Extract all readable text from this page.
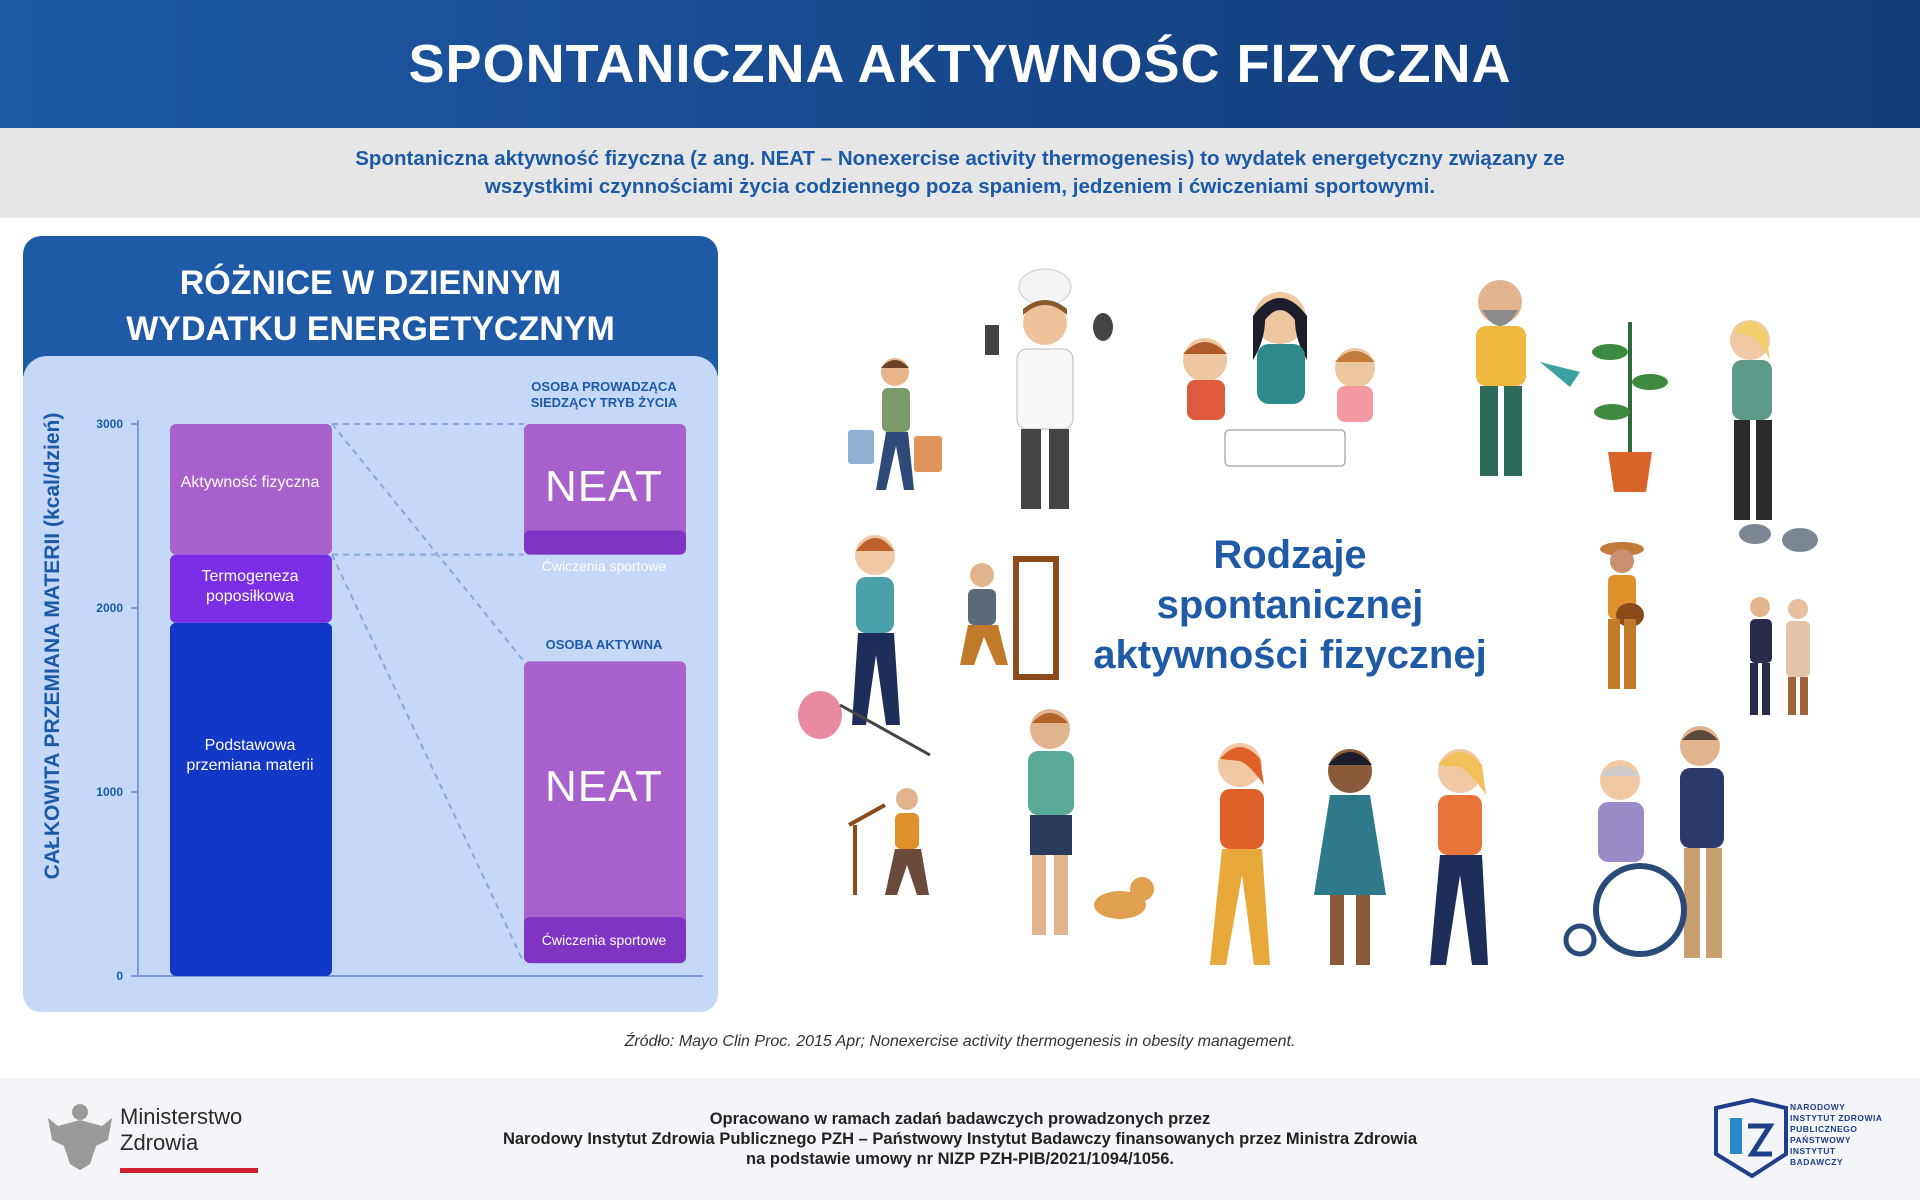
SPONTANICZNA AKTYWNOŚC FIZYCZNA

Spontaniczna aktywność fizyczna (z ang. NEAT – Nonexercise activity thermogenesis) to wydatek energetyczny związany ze wszystkimi czynnościami życia codziennego poza spaniem, jedzeniem i ćwiczeniami sportowymi.

RÓŻNICE W DZIENNYM
WYDATKU ENERGETYCZNYM
0
1000
2000
3000
CAŁKOWITA PRZEMIANA MATERII (kcal/dzień)	Aktywność fizyczna
Termogeneza poposiłkowa
Podstawowa przemiana materii
OSOBA PROWADZĄCA SIEDZĄCY TRYB ŻYCIA
NEAT
Ćwiczenia sportowe
OSOBA AKTYWNA
NEAT
Ćwiczenia sportowe
Rodzaje spontanicznej aktywności fizycznej
Źródło: Mayo Clin Proc. 2015 Apr; Nonexercise activity thermogenesis in obesity management.
Ministerstwo
Zdrowia
Opracowano w ramach zadań badawczych prowadzonych przez
Narodowy Instytut Zdrowia Publicznego PZH – Państwowy Instytut Badawczy finansowanych przez Ministra Zdrowia
na podstawie umowy nr NIZP PZH-PIB/2021/1094/1056.
NARODOWY INSTYTUT ZDROWIA PUBLICZNEGO PAŃSTWOWY INSTYTUT BADAWCZY
